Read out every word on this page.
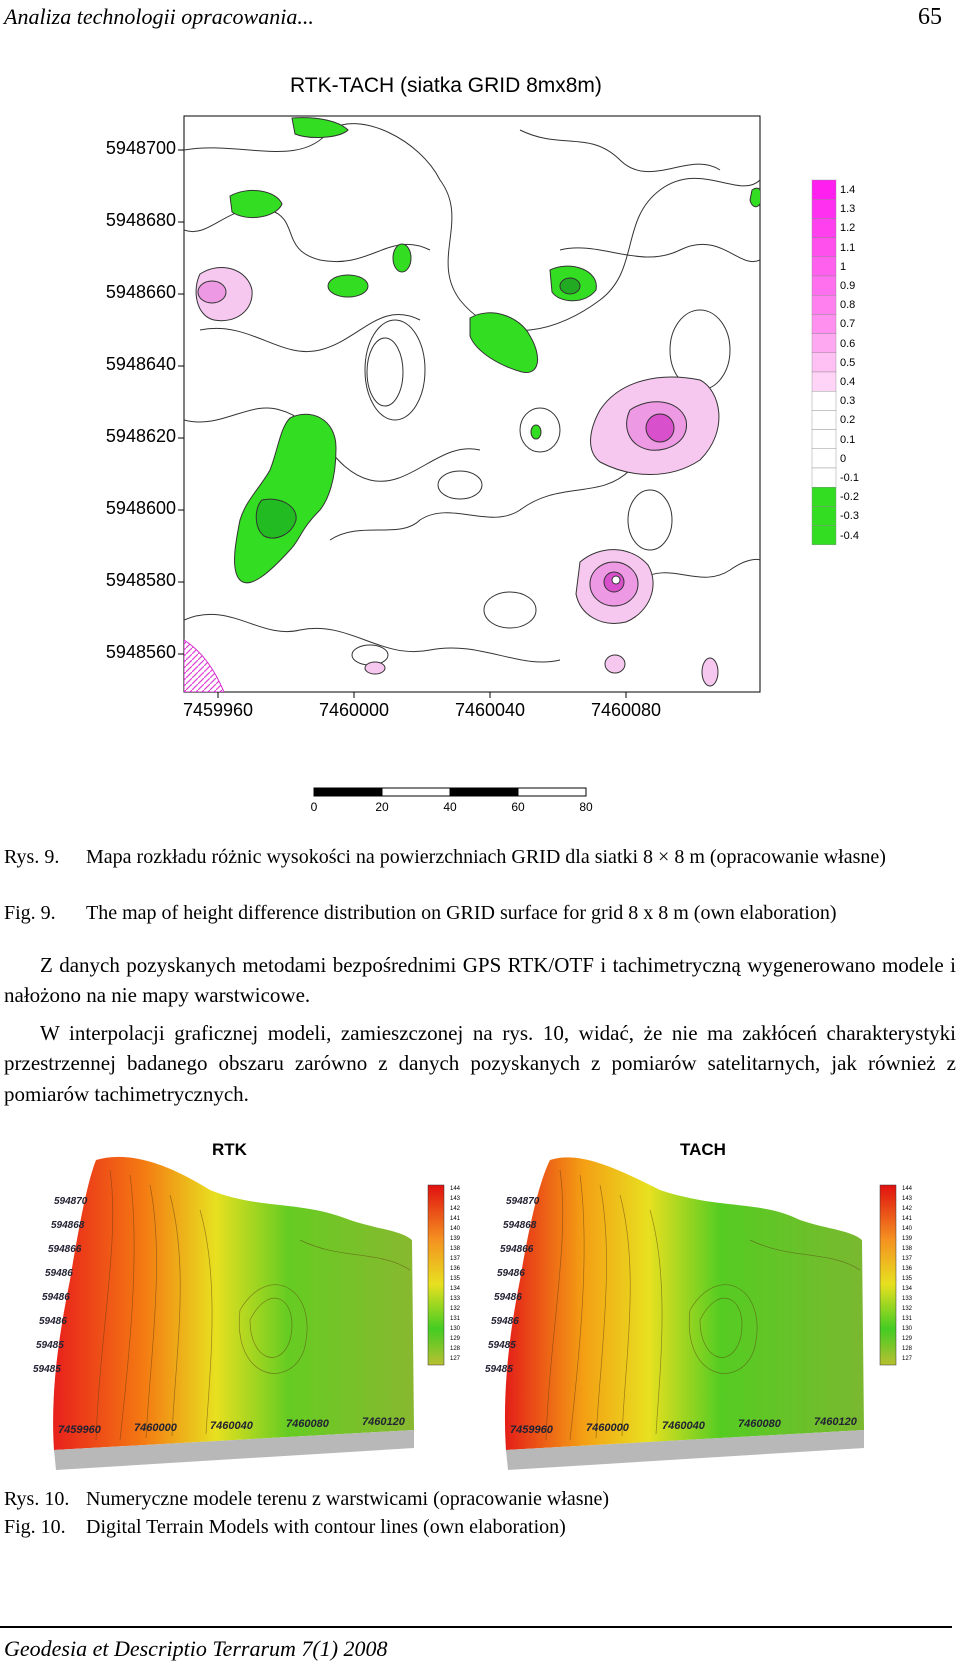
Analiza technologii opracowania...	65
RTK-TACH (siatka GRID 8mx8m)
5948700
5948680
5948660
5948640
5948620
5948600
5948580
5948560
7459960	7460000	7460040	7460080
1.4
1.3
1.2
1.1
1
0.9
0.8
0.7
0.6
0.5
0.4
0.3
0.2
0.1
0
-0.1
-0.2
-0.3
-0.4
0	20	40	60	80
Rys. 9. Mapa rozkładu różnic wysokości na powierzchniach GRID dla siatki 8 × 8 m (opracowanie własne)
Fig. 9. The map of height difference distribution on GRID surface for grid 8 x 8 m (own elaboration)
Z danych pozyskanych metodami bezpośrednimi GPS RTK/OTF i tachimetryczną wygenerowano modele i nałożono na nie mapy warstwicowe.
W interpolacji graficznej modeli, zamieszczonej na rys. 10, widać, że nie ma zakłóceń charakterystyki przestrzennej badanego obszaru zarówno z danych pozyskanych z pomiarów satelitarnych, jak również z pomiarów tachimetrycznych.
RTK	TACH
594870
594868
594866
59486
59486
59486
59485
59485
7459960	7460000	7460040	7460080	7460120
144
143
142
141
140
139
138
137
136
135
134
133
132
131
130
129
128
127
594870
594868
594866
59486
59486
59486
59485
59485
7459960	7460000	7460040	7460080	7460120
144
143
142
141
140
139
138
137
136
135
134
133
132
131
130
129
128
127
Rys. 10. Numeryczne modele terenu z warstwicami (opracowanie własne)
Fig. 10. Digital Terrain Models with contour lines (own elaboration)
Geodesia et Descriptio Terrarum 7(1) 2008
